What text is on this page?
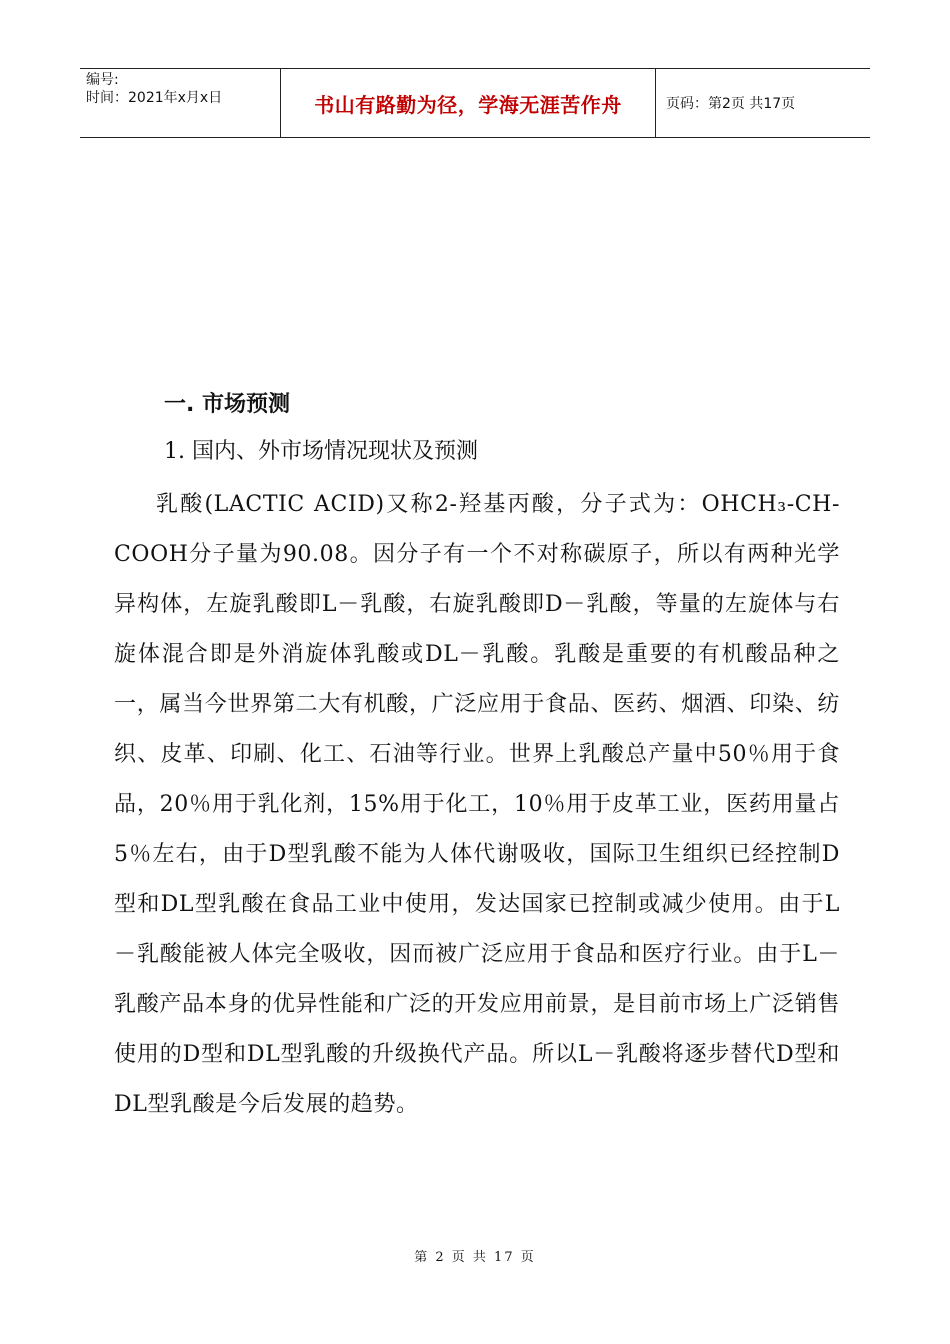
编号:
时间：2021年x月x日	书山有路勤为径，学海无涯苦作舟	页码：第2页 共17页
一. 市场预测
1. 国内、外市场情况现状及预测

乳酸(LACTIC ACID)又称2-羟基丙酸，分子式为：OHCH₃-CH-COOH分子量为90.08。因分子有一个不对称碳原子，所以有两种光学异构体，左旋乳酸即L－乳酸，右旋乳酸即D－乳酸，等量的左旋体与右旋体混合即是外消旋体乳酸或DL－乳酸。乳酸是重要的有机酸品种之一，属当今世界第二大有机酸，广泛应用于食品、医药、烟酒、印染、纺织、皮革、印刷、化工、石油等行业。世界上乳酸总产量中50％用于食品，20％用于乳化剂，15%用于化工，10％用于皮革工业，医药用量占5％左右，由于D型乳酸不能为人体代谢吸收，国际卫生组织已经控制D型和DL型乳酸在食品工业中使用，发达国家已控制或减少使用。由于L－乳酸能被人体完全吸收，因而被广泛应用于食品和医疗行业。由于L－乳酸产品本身的优异性能和广泛的开发应用前景，是目前市场上广泛销售使用的D型和DL型乳酸的升级换代产品。所以L－乳酸将逐步替代D型和DL型乳酸是今后发展的趋势。

第 2 页 共 17 页
